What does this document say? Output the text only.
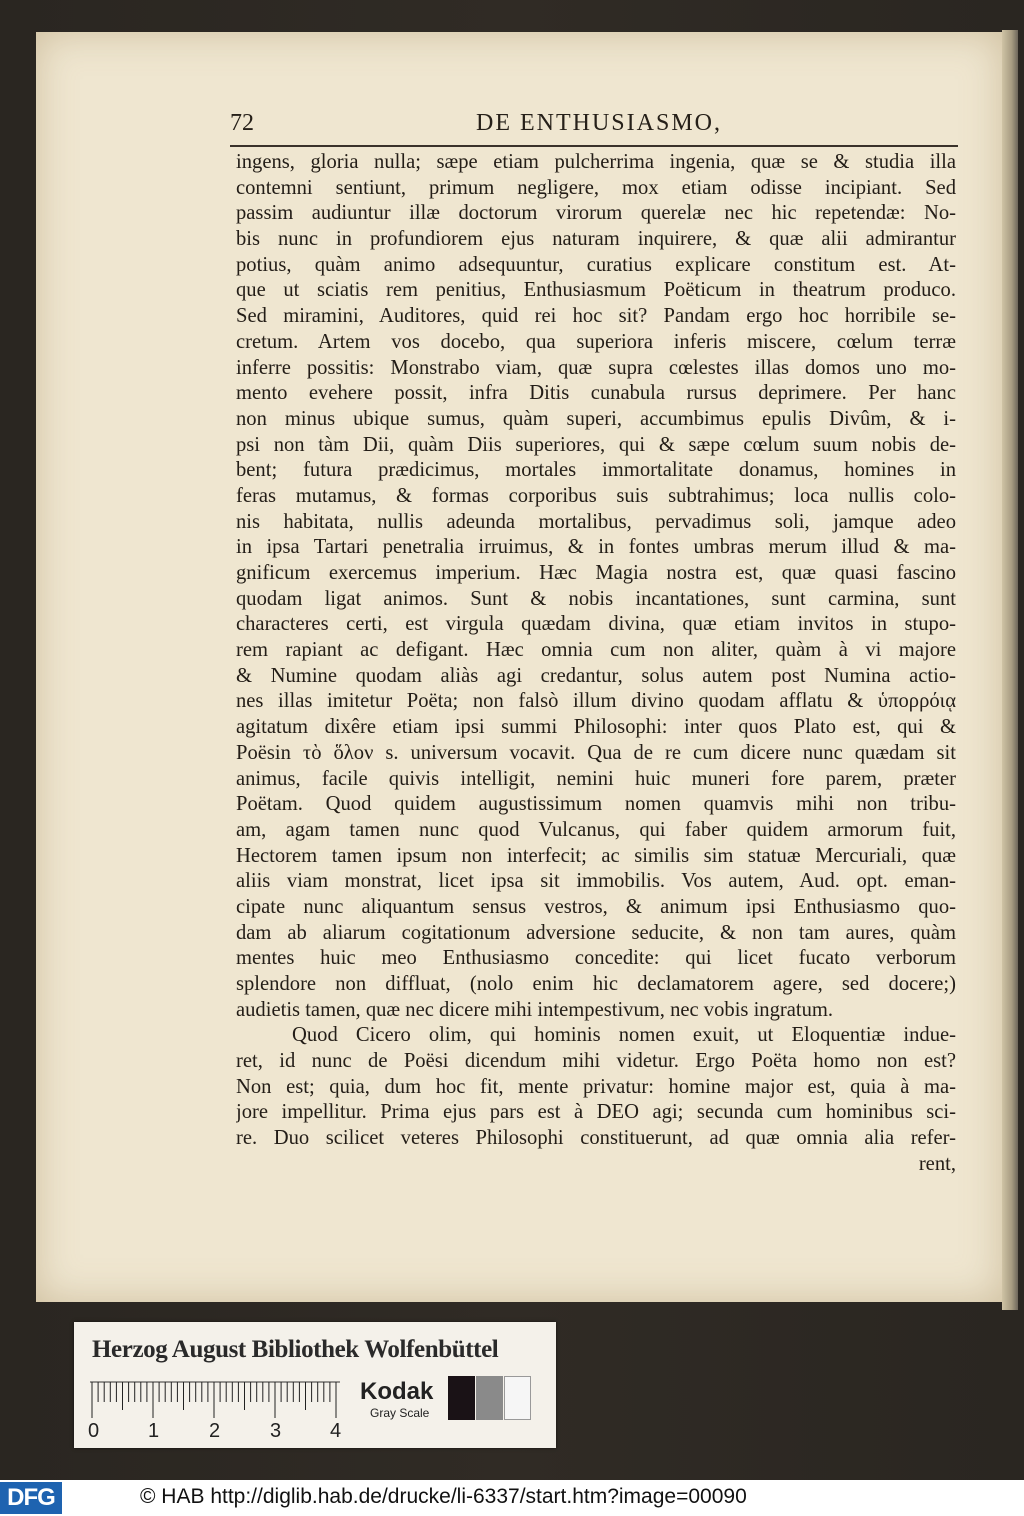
72	DE ENTHUSIASMO,
ingens, gloria nulla; sæpe etiam pulcherrima ingenia, quæ se & studia illa
contemni sentiunt, primum negligere, mox etiam odisse incipiant. Sed
passim audiuntur illæ doctorum virorum querelæ nec hic repetendæ: No-
bis nunc in profundiorem ejus naturam inquirere, & quæ alii admirantur
potius, quàm animo adsequuntur, curatius explicare constitum est. At-
que ut sciatis rem penitius, Enthusiasmum Poëticum in theatrum produco.
Sed miramini, Auditores, quid rei hoc sit? Pandam ergo hoc horribile se-
cretum. Artem vos docebo, qua superiora inferis miscere, cœlum terræ
inferre possitis: Monstrabo viam, quæ supra cœlestes illas domos uno mo-
mento evehere possit, infra Ditis cunabula rursus deprimere. Per hanc
non minus ubique sumus, quàm superi, accumbimus epulis Divûm, & i-
psi non tàm Dii, quàm Diis superiores, qui & sæpe cœlum suum nobis de-
bent; futura prædicimus, mortales immortalitate donamus, homines in
feras mutamus, & formas corporibus suis subtrahimus; loca nullis colo-
nis habitata, nullis adeunda mortalibus, pervadimus soli, jamque adeo
in ipsa Tartari penetralia irruimus, & in fontes umbras merum illud & ma-
gnificum exercemus imperium. Hæc Magia nostra est, quæ quasi fascino
quodam ligat animos. Sunt & nobis incantationes, sunt carmina, sunt
characteres certi, est virgula quædam divina, quæ etiam invitos in stupo-
rem rapiant ac defigant. Hæc omnia cum non aliter, quàm à vi majore
& Numine quodam aliàs agi credantur, solus autem post Numina actio-
nes illas imitetur Poëta; non falsò illum divino quodam afflatu & ὑπορρόιᾳ
agitatum dixêre etiam ipsi summi Philosophi: inter quos Plato est, qui &
Poësin τὸ ὅλον s. universum vocavit. Qua de re cum dicere nunc quædam sit
animus, facile quivis intelligit, nemini huic muneri fore parem, præter
Poëtam. Quod quidem augustissimum nomen quamvis mihi non tribu-
am, agam tamen nunc quod Vulcanus, qui faber quidem armorum fuit,
Hectorem tamen ipsum non interfecit; ac similis sim statuæ Mercuriali, quæ
aliis viam monstrat, licet ipsa sit immobilis. Vos autem, Aud. opt. eman-
cipate nunc aliquantum sensus vestros, & animum ipsi Enthusiasmo quo-
dam ab aliarum cogitationum adversione seducite, & non tam aures, quàm
mentes huic meo Enthusiasmo concedite: qui licet fucato verborum
splendore non diffluat, (nolo enim hic declamatorem agere, sed docere;)
audietis tamen, quæ nec dicere mihi intempestivum, nec vobis ingratum.
Quod Cicero olim, qui hominis nomen exuit, ut Eloquentiæ indue-
ret, id nunc de Poësi dicendum mihi videtur. Ergo Poëta homo non est?
Non est; quia, dum hoc fit, mente privatur: homine major est, quia à ma-
jore impellitur. Prima ejus pars est à DEO agi; secunda cum hominibus sci-
re. Duo scilicet veteres Philosophi constituerunt, ad quæ omnia alia refer-
rent,
Herzog August Bibliothek Wolfenbüttel
0 1 2 3 4
Kodak
Gray Scale
DFG	© HAB http://diglib.hab.de/drucke/li-6337/start.htm?image=00090
